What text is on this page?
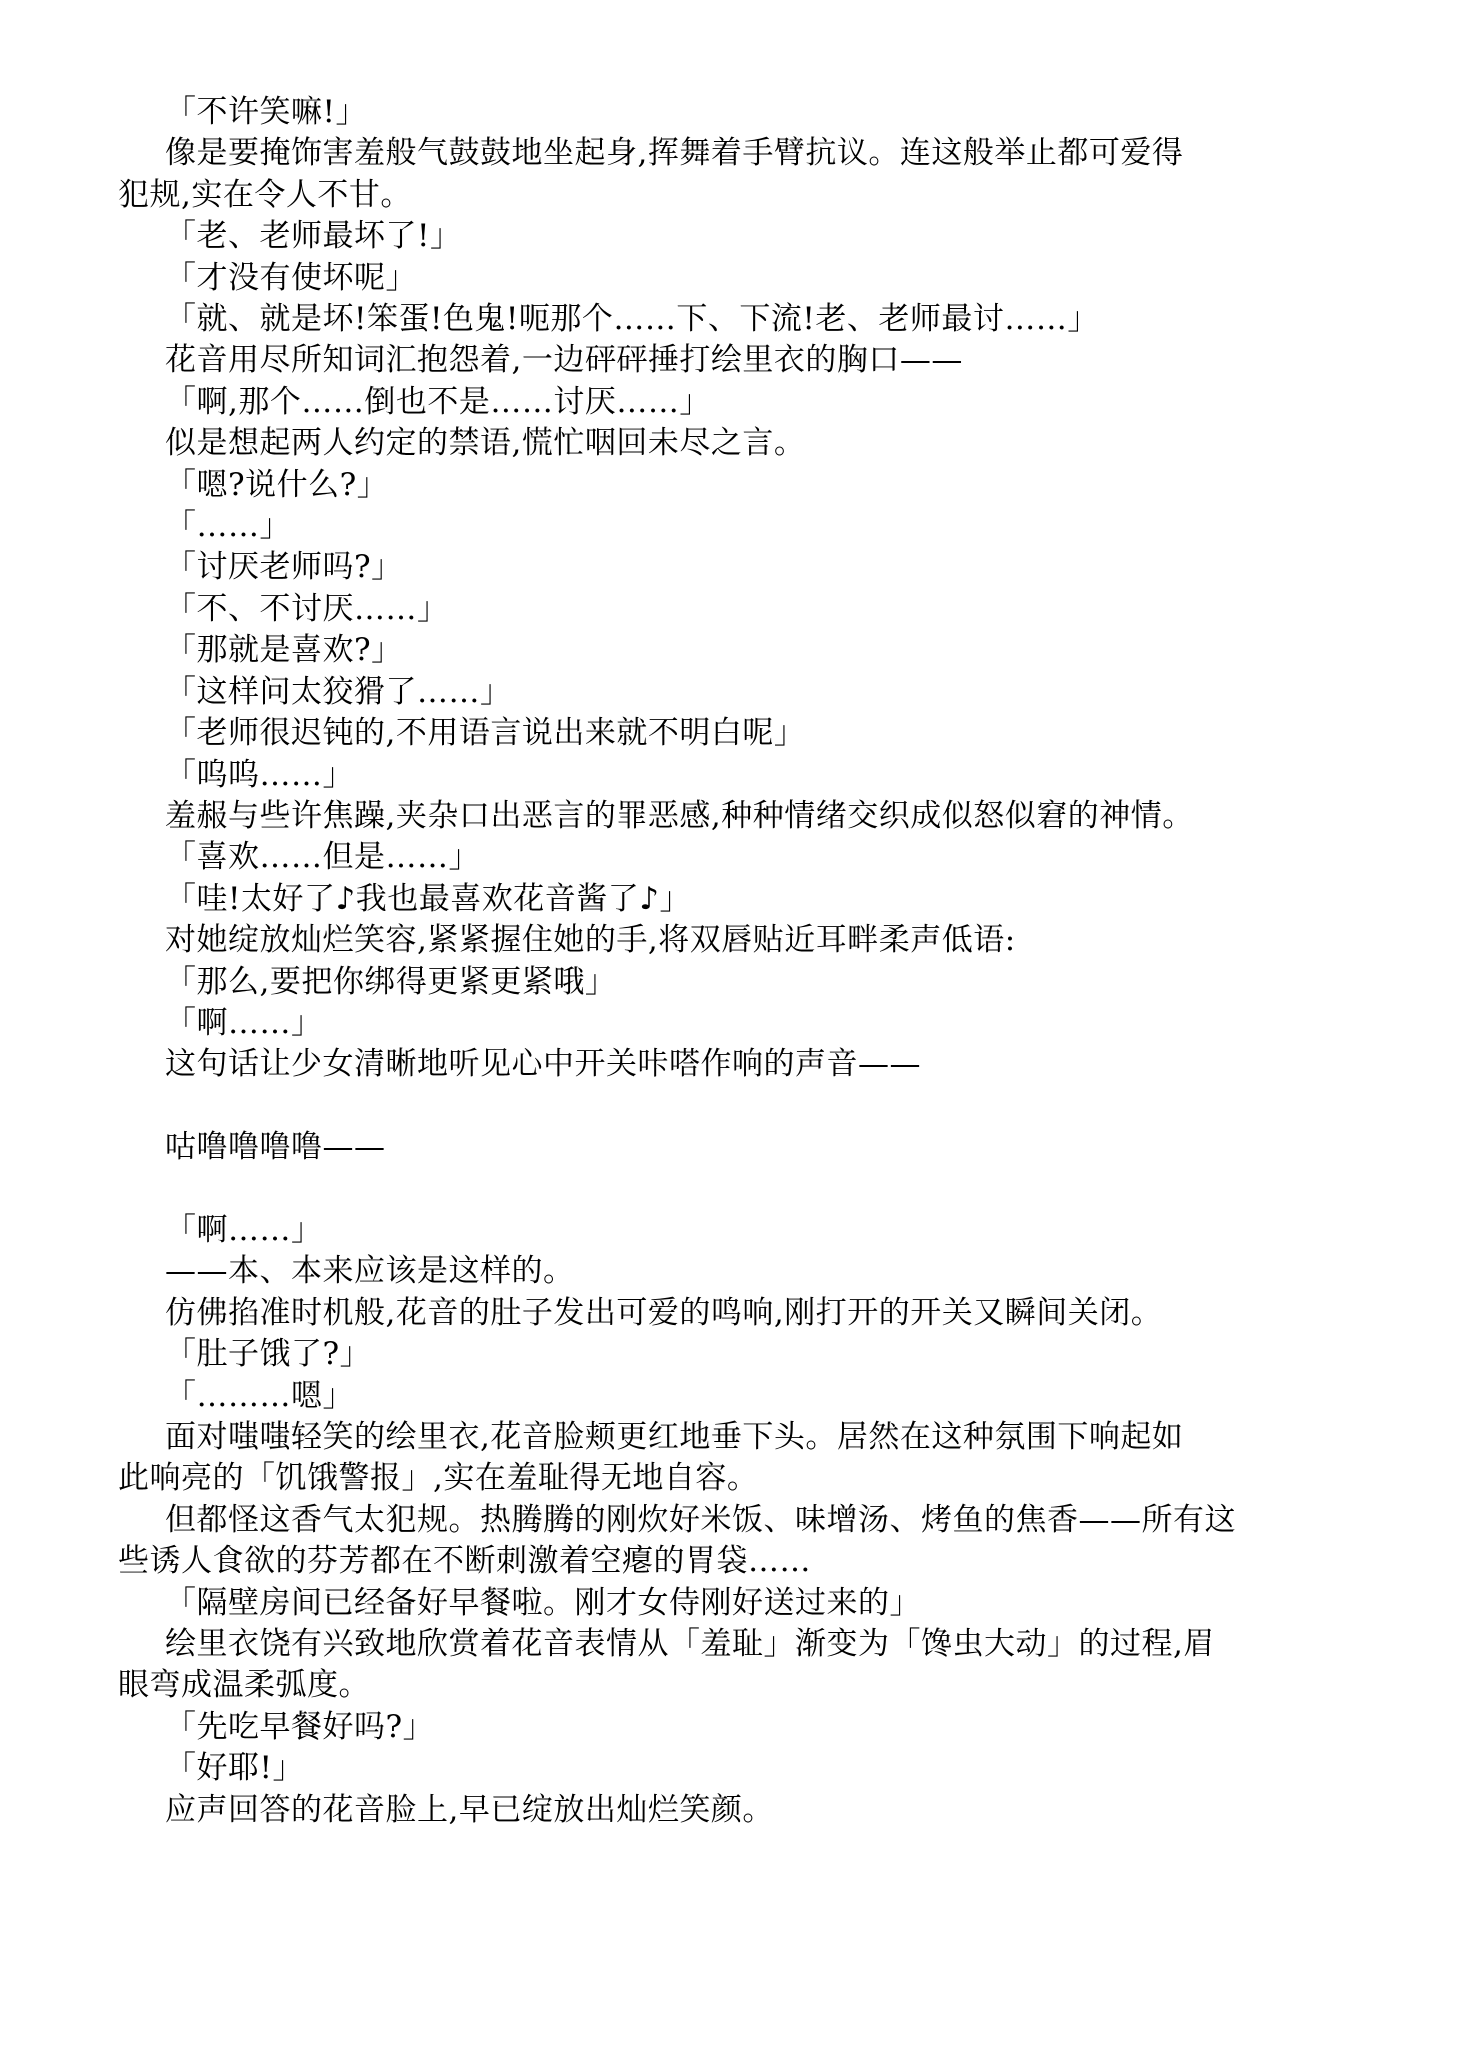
「不许笑嘛!」

像是要掩饰害羞般气鼓鼓地坐起身,挥舞着手臂抗议。连这般举止都可爱得

犯规,实在令人不甘。

「老、老师最坏了!」

「才没有使坏呢」

「就、就是坏!笨蛋!色鬼!呃那个……下、下流!老、老师最讨……」

花音用尽所知词汇抱怨着,一边砰砰捶打绘里衣的胸口——

「啊,那个……倒也不是……讨厌……」

似是想起两人约定的禁语,慌忙咽回未尽之言。

「嗯?说什么?」

「……」

「讨厌老师吗?」

「不、不讨厌……」

「那就是喜欢?」

「这样问太狡猾了……」

「老师很迟钝的,不用语言说出来就不明白呢」

「呜呜……」

羞赧与些许焦躁,夹杂口出恶言的罪恶感,种种情绪交织成似怒似窘的神情。

「喜欢……但是……」

「哇!太好了♪我也最喜欢花音酱了♪」

对她绽放灿烂笑容,紧紧握住她的手,将双唇贴近耳畔柔声低语:

「那么,要把你绑得更紧更紧哦」

「啊……」

这句话让少女清晰地听见心中开关咔嗒作响的声音——

咕噜噜噜噜——

「啊……」

——本、本来应该是这样的。

仿佛掐准时机般,花音的肚子发出可爱的鸣响,刚打开的开关又瞬间关闭。

「肚子饿了?」

「………嗯」

面对嗤嗤轻笑的绘里衣,花音脸颊更红地垂下头。居然在这种氛围下响起如

此响亮的「饥饿警报」,实在羞耻得无地自容。

但都怪这香气太犯规。热腾腾的刚炊好米饭、味增汤、烤鱼的焦香——所有这

些诱人食欲的芬芳都在不断刺激着空瘪的胃袋……

「隔壁房间已经备好早餐啦。刚才女侍刚好送过来的」

绘里衣饶有兴致地欣赏着花音表情从「羞耻」渐变为「馋虫大动」的过程,眉

眼弯成温柔弧度。

「先吃早餐好吗?」

「好耶!」

应声回答的花音脸上,早已绽放出灿烂笑颜。
